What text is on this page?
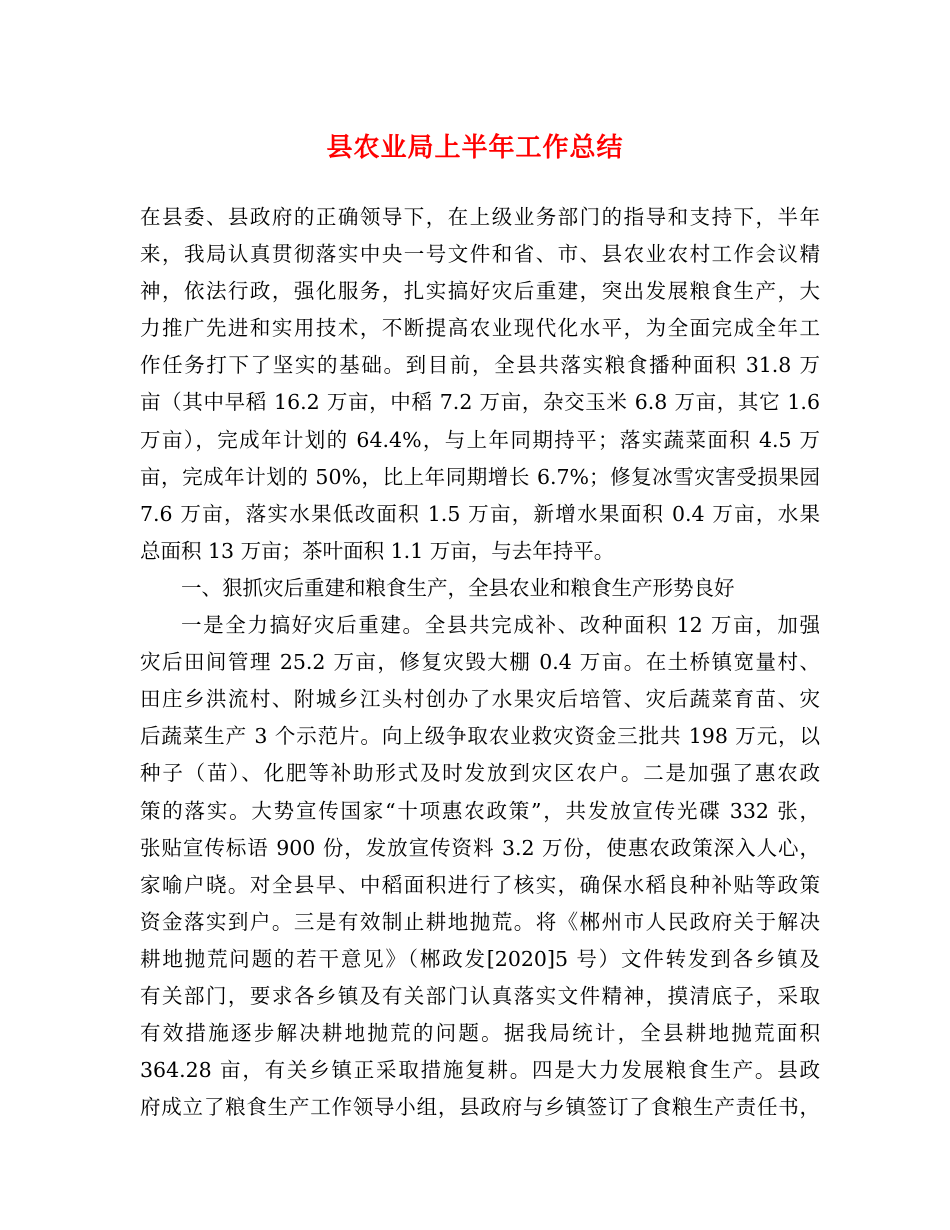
县农业局上半年工作总结
在县委、县政府的正确领导下，在上级业务部门的指导和支持下，半年
来，我局认真贯彻落实中央一号文件和省、市、县农业农村工作会议精
神，依法行政，强化服务，扎实搞好灾后重建，突出发展粮食生产，大
力推广先进和实用技术，不断提高农业现代化水平，为全面完成全年工
作任务打下了坚实的基础。到目前，全县共落实粮食播种面积 31.8 万
亩（其中早稻 16.2 万亩，中稻 7.2 万亩，杂交玉米 6.8 万亩，其它 1.6
万亩），完成年计划的 64.4%，与上年同期持平；落实蔬菜面积 4.5 万
亩，完成年计划的 50%，比上年同期增长 6.7%；修复冰雪灾害受损果园
7.6 万亩，落实水果低改面积 1.5 万亩，新增水果面积 0.4 万亩，水果
总面积 13 万亩；茶叶面积 1.1 万亩，与去年持平。
一、狠抓灾后重建和粮食生产，全县农业和粮食生产形势良好
一是全力搞好灾后重建。全县共完成补、改种面积 12 万亩，加强
灾后田间管理 25.2 万亩，修复灾毁大棚 0.4 万亩。在土桥镇宽量村、
田庄乡洪流村、附城乡江头村创办了水果灾后培管、灾后蔬菜育苗、灾
后蔬菜生产 3 个示范片。向上级争取农业救灾资金三批共 198 万元，以
种子（苗）、化肥等补助形式及时发放到灾区农户。二是加强了惠农政
策的落实。大势宣传国家“十项惠农政策”，共发放宣传光碟 332 张，
张贴宣传标语 900 份，发放宣传资料 3.2 万份，使惠农政策深入人心，
家喻户晓。对全县早、中稻面积进行了核实，确保水稻良种补贴等政策
资金落实到户。三是有效制止耕地抛荒。将《郴州市人民政府关于解决
耕地抛荒问题的若干意见》（郴政发[2020]5 号）文件转发到各乡镇及
有关部门，要求各乡镇及有关部门认真落实文件精神，摸清底子，采取
有效措施逐步解决耕地抛荒的问题。据我局统计，全县耕地抛荒面积
364.28 亩，有关乡镇正采取措施复耕。四是大力发展粮食生产。县政
府成立了粮食生产工作领导小组，县政府与乡镇签订了食粮生产责任书，
